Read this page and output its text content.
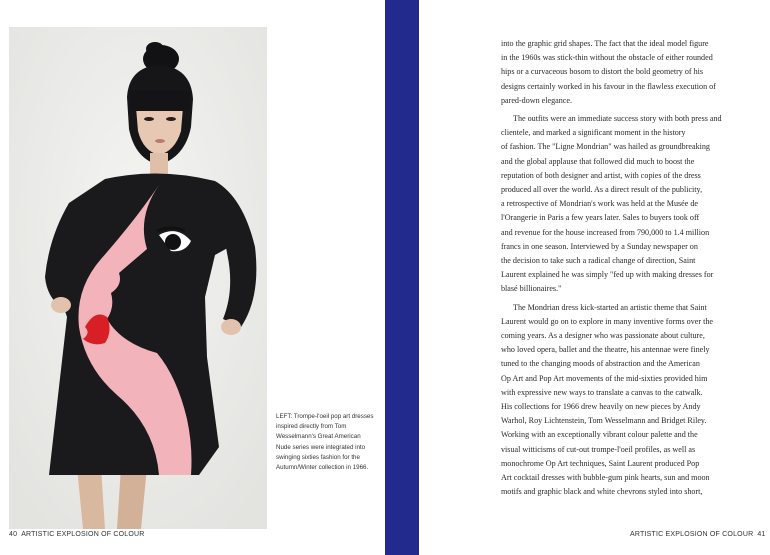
LEFT: Trompe-l'oeil pop art dresses inspired directly from Tom Wesselmann's Great American Nude series were integrated into swinging sixties fashion for the Autumn/Winter collection in 1966.
40 ARTISTIC EXPLOSION OF COLOUR

into the graphic grid shapes. The fact that the ideal model figure

in the 1960s was stick-thin without the obstacle of either rounded

hips or a curvaceous bosom to distort the bold geometry of his

designs certainly worked in his favour in the flawless execution of

pared-down elegance.

The outfits were an immediate success story with both press and

clientele, and marked a significant moment in the history

of fashion. The "Ligne Mondrian" was hailed as groundbreaking

and the global applause that followed did much to boost the

reputation of both designer and artist, with copies of the dress

produced all over the world. As a direct result of the publicity,

a retrospective of Mondrian's work was held at the Musée de

l'Orangerie in Paris a few years later. Sales to buyers took off

and revenue for the house increased from 790,000 to 1.4 million

francs in one season. Interviewed by a Sunday newspaper on

the decision to take such a radical change of direction, Saint

Laurent explained he was simply "fed up with making dresses for

blasé billionaires."

The Mondrian dress kick-started an artistic theme that Saint

Laurent would go on to explore in many inventive forms over the

coming years. As a designer who was passionate about culture,

who loved opera, ballet and the theatre, his antennae were finely

tuned to the changing moods of abstraction and the American

Op Art and Pop Art movements of the mid-sixties provided him

with expressive new ways to translate a canvas to the catwalk.

His collections for 1966 drew heavily on new pieces by Andy

Warhol, Roy Lichtenstein, Tom Wesselmann and Bridget Riley.

Working with an exceptionally vibrant colour palette and the

visual witticisms of cut-out trompe-l'oeil profiles, as well as

monochrome Op Art techniques, Saint Laurent produced Pop

Art cocktail dresses with bubble-gum pink hearts, sun and moon

motifs and graphic black and white chevrons styled into short,

ARTISTIC EXPLOSION OF COLOUR 41
